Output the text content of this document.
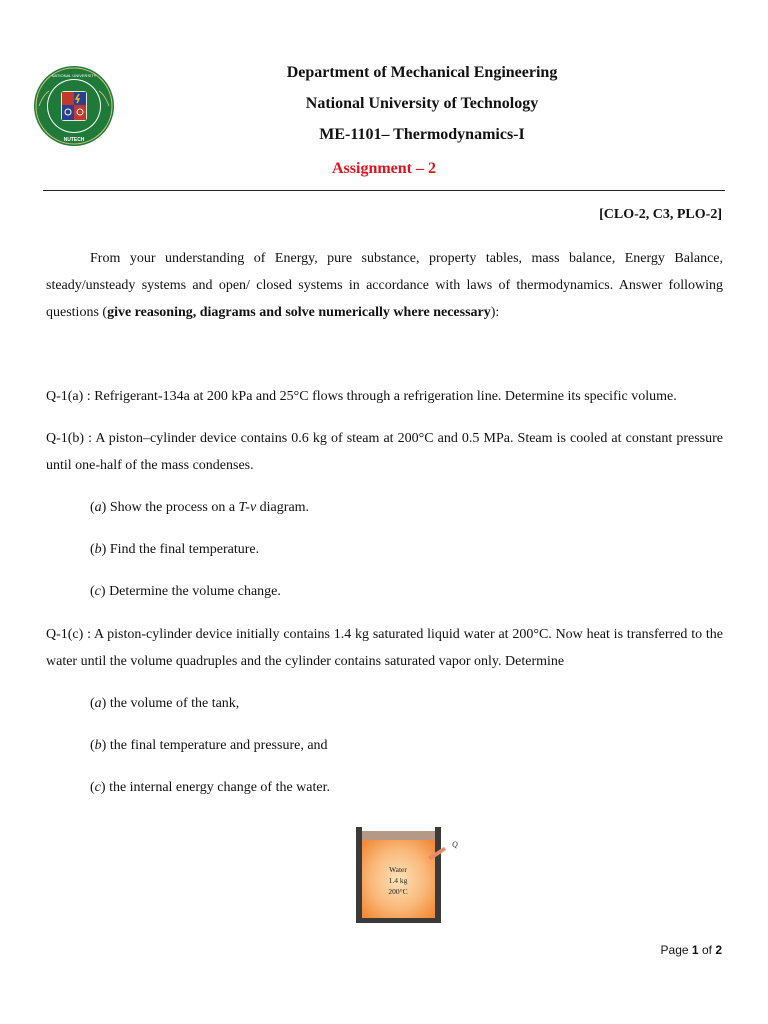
NUTECH
NATIONAL UNIVERSITY	Department of Mechanical Engineering
National University of Technology
ME-1101– Thermodynamics-I
Assignment – 2
[CLO-2, C3, PLO-2]
From your understanding of Energy, pure substance, property tables, mass balance, Energy Balance, steady/unsteady systems and open/ closed systems in accordance with laws of thermodynamics. Answer following questions (give reasoning, diagrams and solve numerically where necessary):
Q-1(a) : Refrigerant-134a at 200 kPa and 25°C flows through a refrigeration line. Determine its specific volume.
Q-1(b) : A piston–cylinder device contains 0.6 kg of steam at 200°C and 0.5 MPa. Steam is cooled at constant pressure until one-half of the mass condenses.
(a) Show the process on a T-v diagram.
(b) Find the final temperature.
(c) Determine the volume change.
Q-1(c) : A piston-cylinder device initially contains 1.4 kg saturated liquid water at 200°C. Now heat is transferred to the water until the volume quadruples and the cylinder contains saturated vapor only. Determine
(a) the volume of the tank,
(b) the final temperature and pressure, and
(c) the internal energy change of the water.
Q
Water
1.4 kg
200°C
Page 1 of 2
